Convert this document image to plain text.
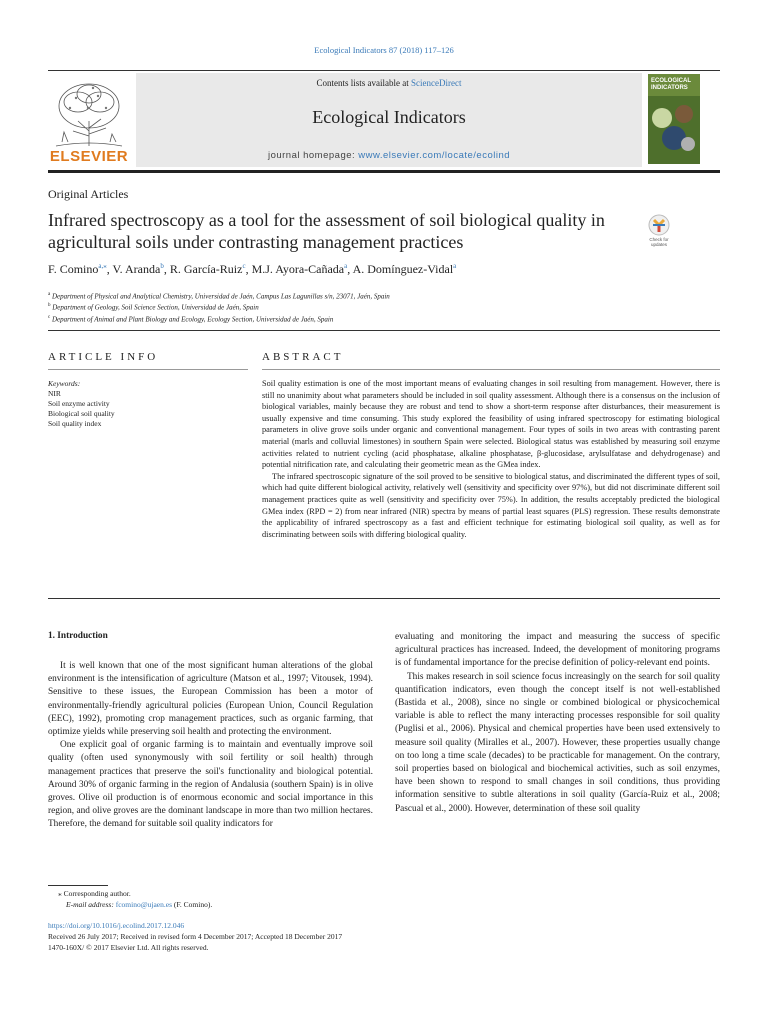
Ecological Indicators 87 (2018) 117–126
ELSEVIER
Contents lists available at ScienceDirect
Ecological Indicators
journal homepage: www.elsevier.com/locate/ecolind
ECOLOGICAL INDICATORS
Original Articles
Infrared spectroscopy as a tool for the assessment of soil biological quality in agricultural soils under contrasting management practices	Check for updates
F. Comino$^{a,⁎}$, V. Aranda$^b$, R. García-Ruiz$^c$, M.J. Ayora-Cañada$^a$, A. Domínguez-Vidal$^a$
$^a$ Department of Physical and Analytical Chemistry, Universidad de Jaén, Campus Las Lagunillas s/n, 23071, Jaén, Spain
$^b$ Department of Geology, Soil Science Section, Universidad de Jaén, Spain
$^c$ Department of Animal and Plant Biology and Ecology, Ecology Section, Universidad de Jaén, Spain
ARTICLE INFO	ABSTRACT
Keywords:
NIR
Soil enzyme activity
Biological soil quality
Soil quality index

Soil quality estimation is one of the most important means of evaluating changes in soil resulting from management. However, there is still no unanimity about what parameters should be included in soil quality assessment. Although there is a consensus on the inclusion of biological variables, mainly because they are robust and tend to show a short-term response after disturbances, their measurement is usually expensive and time consuming. This study explored the feasibility of using infrared spectroscopy for estimating biological parameters in olive grove soils under organic and conventional management. Four types of soils in two areas with contrasting parent material (marls and colluvial limestones) in southern Spain were selected. Biological status was established by measuring soil enzyme activities related to nutrient cycling (acid phosphatase, alkaline phosphatase, β-glucosidase, arylsulfatase and dehydrogenase) and potential nitrification rate, and calculating their geometric mean as the GMea index.

The infrared spectroscopic signature of the soil proved to be sensitive to biological status, and discriminated the different types of soil, which had quite different biological activity, relatively well (sensitivity and specificity over 97%), but did not discriminate different soil management practices quite as well (sensitivity and specificity over 75%). In addition, the results acceptably predicted the biological GMea index (RPD = 2) from near infrared (NIR) spectra by means of partial least squares (PLS) regression. These results demonstrate the applicability of infrared spectroscopy as a fast and efficient technique for estimating biological soil quality, as well as for discriminating between soils with differing biological quality.

1. Introduction

It is well known that one of the most significant human alterations of the global environment is the intensification of agriculture (Matson et al., 1997; Vitousek, 1994). Sensitive to these issues, the European Commission has been a motor of environmentally-friendly agricultural policies (European Union, Council Regulation (EEC), 1992), promoting crop management practices, such as organic farming, that optimize yields while preserving soil health and protecting the environment.

One explicit goal of organic farming is to maintain and eventually improve soil quality (often used synonymously with soil fertility or soil health) through management practices that preserve the soil's functionality and biological potential. Around 30% of organic farming in the region of Andalusia (southern Spain) is in olive groves. Olive oil production is of enormous economic and social importance in this region, and olive groves are the dominant landscape in more than two million hectares. Therefore, the demand for suitable soil quality indicators for

evaluating and monitoring the impact and measuring the success of specific agricultural practices has increased. Indeed, the development of monitoring programs is of fundamental importance for the precise definition of policy-relevant end points.

This makes research in soil science focus increasingly on the search for soil quality quantification indicators, even though the concept itself is not well-established (Bastida et al., 2008), since no single or combined biological or physicochemical variable is able to reflect the many interacting processes responsible for soil quality (Puglisi et al., 2006). Physical and chemical properties have been used extensively to measure soil quality (Miralles et al., 2007). However, these properties usually change on too long a time scale (decades) to be practicable for management. On the contrary, soil properties based on biological and biochemical activities, such as soil enzymes, have been shown to respond to small changes in soil conditions, thus providing information sensitive to subtle alterations in soil quality (García-Ruiz et al., 2008; Pascual et al., 2000). However, determination of these soil quality

⁎ Corresponding author.
E-mail address: fcomino@ujaen.es (F. Comino).
https://doi.org/10.1016/j.ecolind.2017.12.046
Received 26 July 2017; Received in revised form 4 December 2017; Accepted 18 December 2017
1470-160X/ © 2017 Elsevier Ltd. All rights reserved.
